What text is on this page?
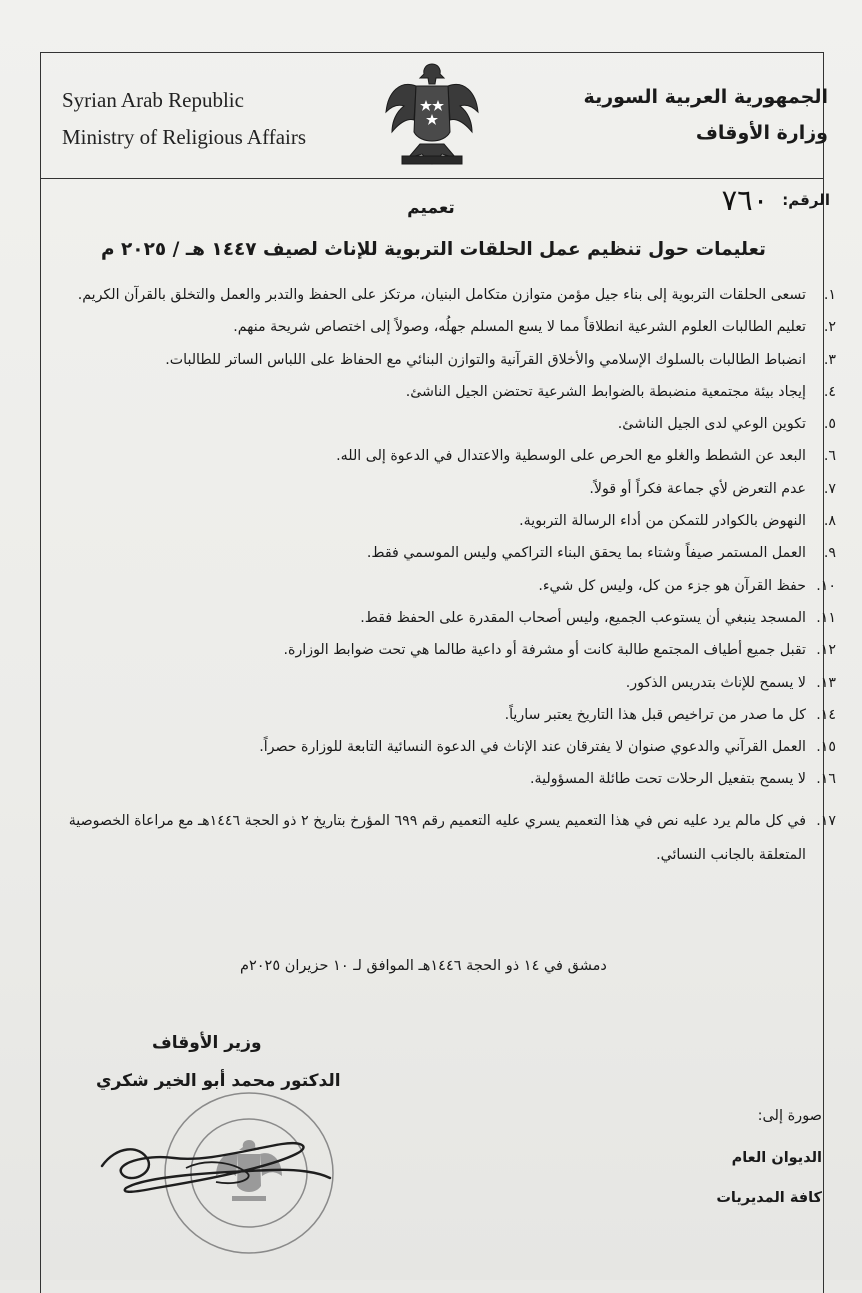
Syrian Arab Republic
Ministry of Religious Affairs
الجمهورية العربية السورية
وزارة الأوقاف
الرقم:
٧٦٠
تعميم
تعليمات حول تنظيم عمل الحلقات التربوية للإناث لصيف ١٤٤٧ هـ / ٢٠٢٥ م
١.
تسعى الحلقات التربوية إلى بناء جيل مؤمن متوازن متكامل البنيان، مرتكز على الحفظ والتدبر والعمل والتخلق بالقرآن الكريم.
٢.
تعليم الطالبات العلوم الشرعية انطلاقاً مما لا يسع المسلم جهلُه، وصولاً إلى اختصاص شريحة منهم.
٣.
انضباط الطالبات بالسلوك الإسلامي والأخلاق القرآنية والتوازن البنائي مع الحفاظ على اللباس الساتر للطالبات.
٤.
إيجاد بيئة مجتمعية منضبطة بالضوابط الشرعية تحتضن الجيل الناشئ.
٥.
تكوين الوعي لدى الجيل الناشئ.
٦.
البعد عن الشطط والغلو مع الحرص على الوسطية والاعتدال في الدعوة إلى الله.
٧.
عدم التعرض لأي جماعة فكراً أو قولاً.
٨.
النهوض بالكوادر للتمكن من أداء الرسالة التربوية.
٩.
العمل المستمر صيفاً وشتاء بما يحقق البناء التراكمي وليس الموسمي فقط.
١٠.
حفظ القرآن هو جزء من كل، وليس كل شيء.
١١.
المسجد ينبغي أن يستوعب الجميع، وليس أصحاب المقدرة على الحفظ فقط.
١٢.
تقبل جميع أطياف المجتمع طالبة كانت أو مشرفة أو داعية طالما هي تحت ضوابط الوزارة.
١٣.
لا يسمح للإناث بتدريس الذكور.
١٤.
كل ما صدر من تراخيص قبل هذا التاريخ يعتبر سارياً.
١٥.
العمل القرآني والدعوي صنوان لا يفترقان عند الإناث في الدعوة النسائية التابعة للوزارة حصراً.
١٦.
لا يسمح بتفعيل الرحلات تحت طائلة المسؤولية.
١٧.
في كل مالم يرد عليه نص في هذا التعميم يسري عليه التعميم رقم ٦٩٩ المؤرخ بتاريخ ٢ ذو الحجة ١٤٤٦هـ مع مراعاة الخصوصية المتعلقة بالجانب النسائي.
دمشق في ١٤ ذو الحجة ١٤٤٦هـ الموافق لـ ١٠ حزيران ٢٠٢٥م
وزير الأوقاف
الدكتور محمد أبو الخير شكري
صورة إلى:
الديوان العام
كافة المديريات
